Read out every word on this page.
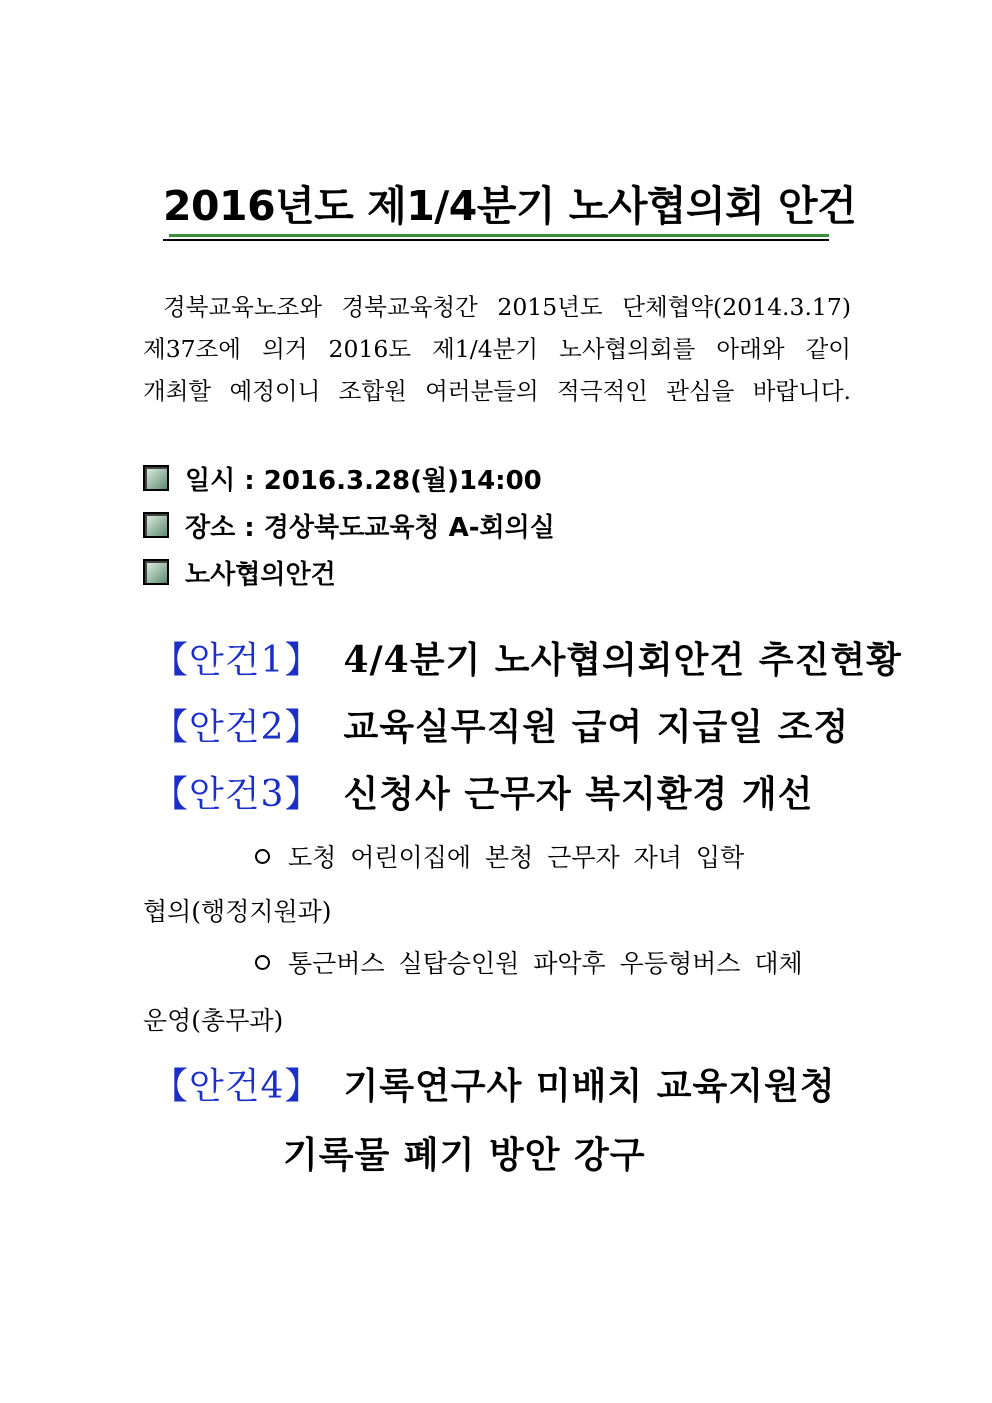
2016년도 제1/4분기 노사협의회 안건
경북교육노조와 경북교육청간 2015년도 단체협약(2014.3.17)
제37조에 의거 2016도 제1/4분기 노사협의회를 아래와 같이
개최할 예정이니 조합원 여러분들의 적극적인 관심을 바랍니다.
일시 : 2016.3.28(월)14:00
장소 : 경상북도교육청 A-회의실
노사협의안건
【안건1】 4/4분기 노사협의회안건 추진현황
【안건2】 교육실무직원 급여 지급일 조정
【안건3】 신청사 근무자 복지환경 개선
도청 어린이집에 본청 근무자 자녀 입학
협의(행정지원과)
통근버스 실탑승인원 파악후 우등형버스 대체
운영(총무과)
【안건4】 기록연구사 미배치 교육지원청
기록물 폐기 방안 강구
